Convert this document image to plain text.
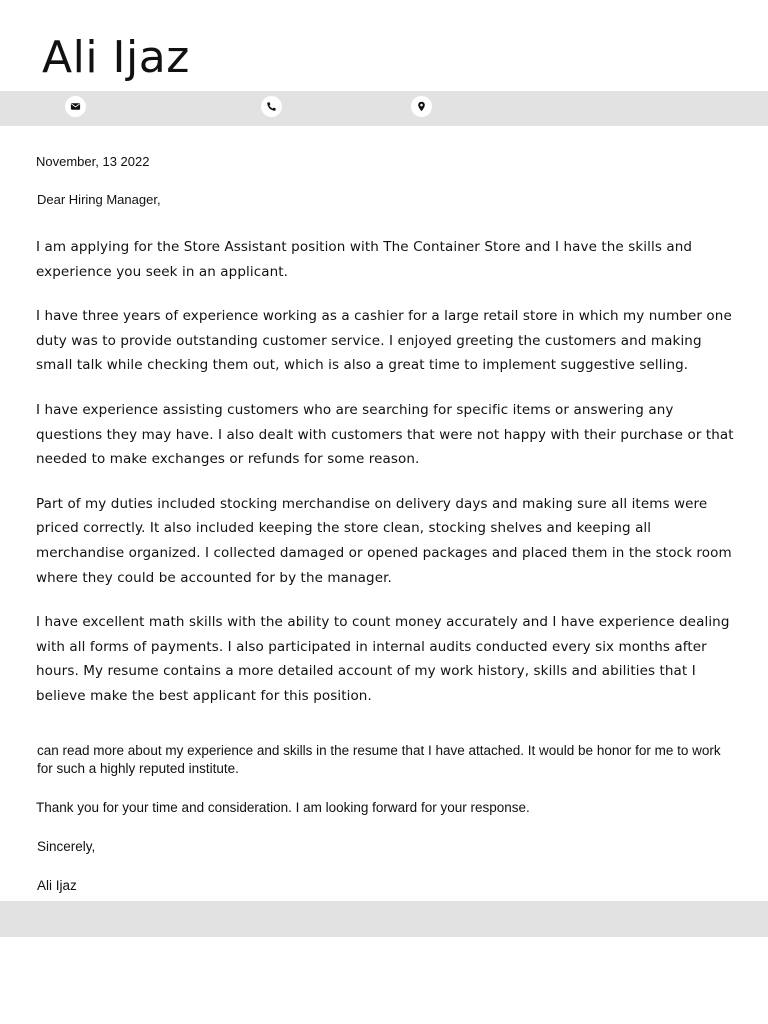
Ali Ijaz
November, 13 2022
Dear Hiring Manager,

I am applying for the Store Assistant position with The Container Store and I have the skills and experience you seek in an applicant.

I have three years of experience working as a cashier for a large retail store in which my number one duty was to provide outstanding customer service. I enjoyed greeting the customers and making small talk while checking them out, which is also a great time to implement suggestive selling.

I have experience assisting customers who are searching for specific items or answering any questions they may have. I also dealt with customers that were not happy with their purchase or that needed to make exchanges or refunds for some reason.

Part of my duties included stocking merchandise on delivery days and making sure all items were priced correctly. It also included keeping the store clean, stocking shelves and keeping all merchandise organized. I collected damaged or opened packages and placed them in the stock room where they could be accounted for by the manager.

I have excellent math skills with the ability to count money accurately and I have experience dealing with all forms of payments. I also participated in internal audits conducted every six months after hours. My resume contains a more detailed account of my work history, skills and abilities that I believe make the best applicant for this position.

can read more about my experience and skills in the resume that I have attached. It would be honor for me to work for such a highly reputed institute.

Thank you for your time and consideration. I am looking forward for your response.

Sincerely,

Ali Ijaz
